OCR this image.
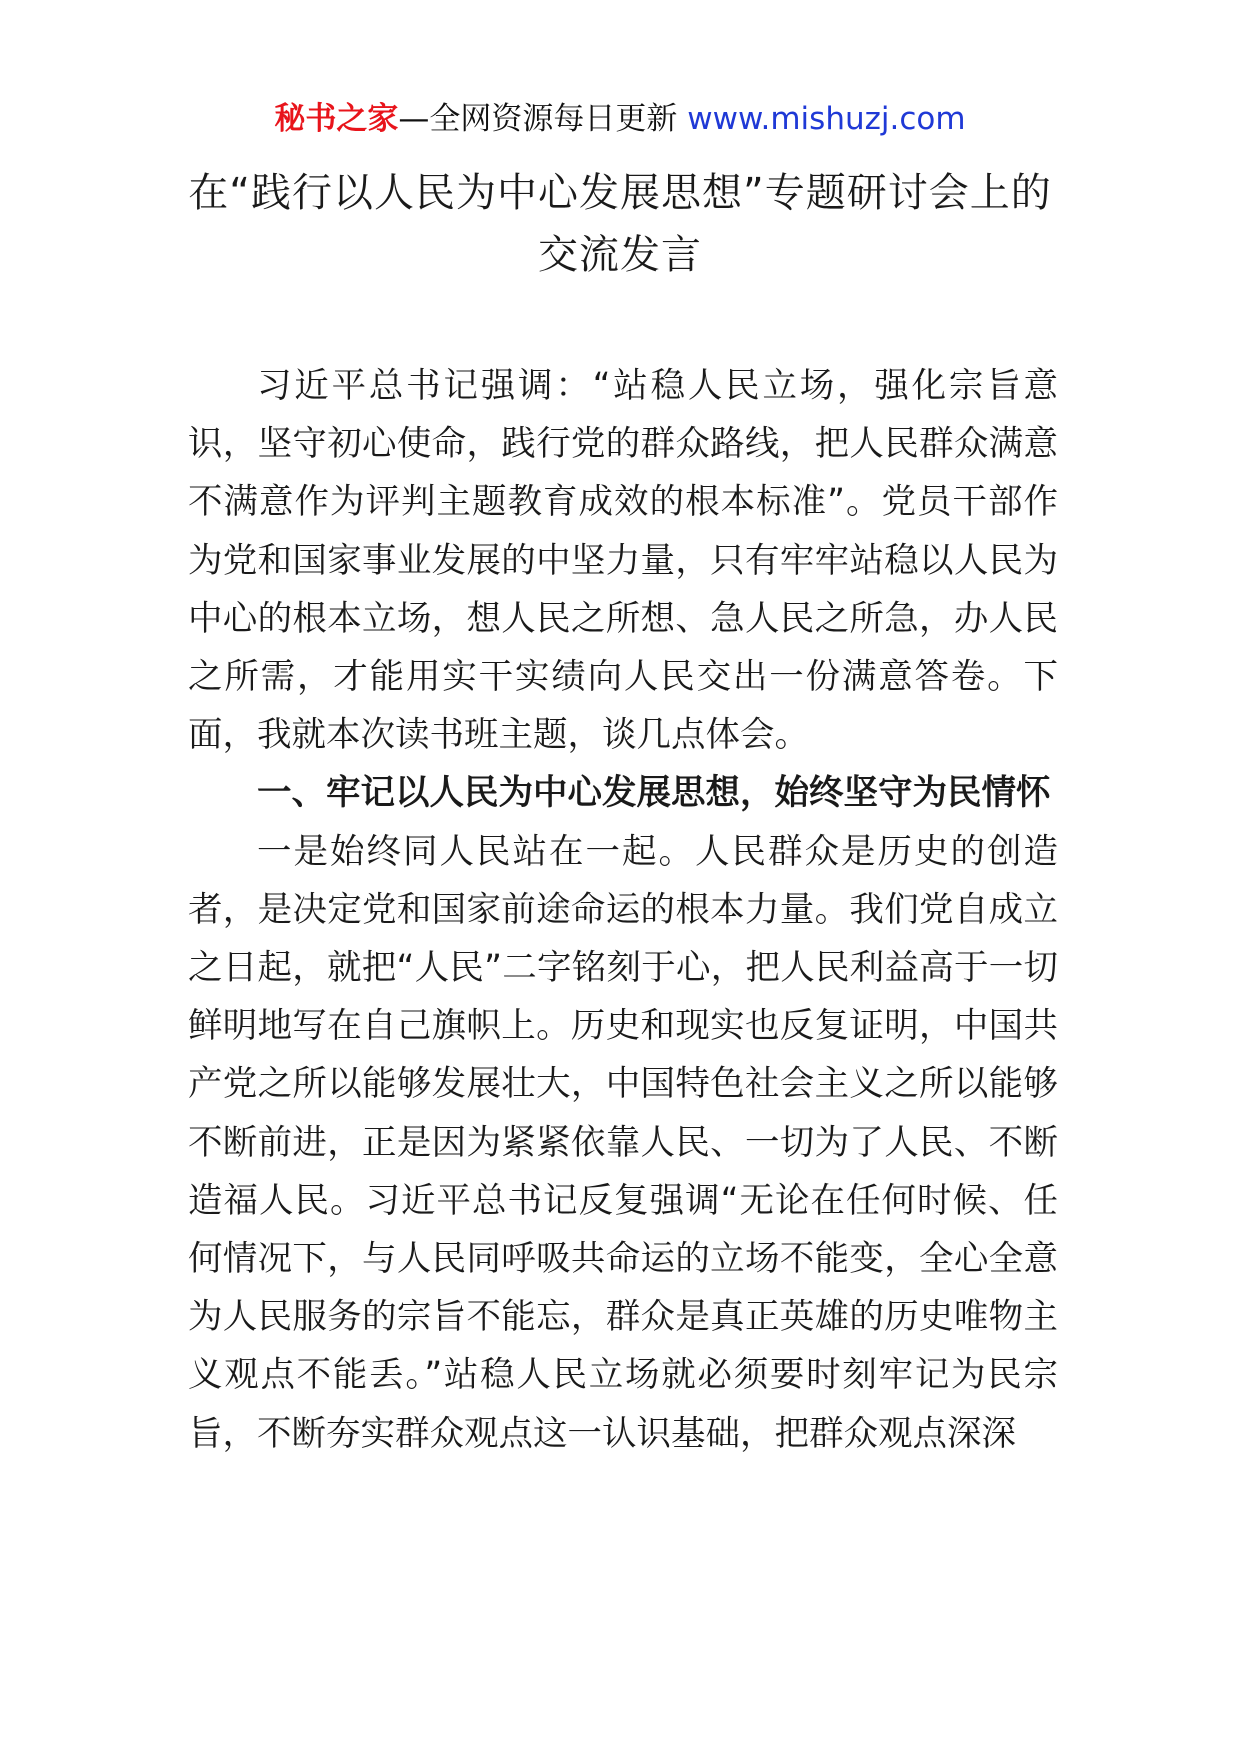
秘书之家—全网资源每日更新 www.mishuzj.com
在“践行以人民为中心发展思想”专题研讨会上的交流发言

习近平总书记强调：“站稳人民立场，强化宗旨意识，坚守初心使命，践行党的群众路线，把人民群众满意不满意作为评判主题教育成效的根本标准”。党员干部作为党和国家事业发展的中坚力量，只有牢牢站稳以人民为中心的根本立场，想人民之所想、急人民之所急，办人民之所需，才能用实干实绩向人民交出一份满意答卷。下面，我就本次读书班主题，谈几点体会。

一、牢记以人民为中心发展思想，始终坚守为民情怀

一是始终同人民站在一起。人民群众是历史的创造者，是决定党和国家前途命运的根本力量。我们党自成立之日起，就把“人民”二字铭刻于心，把人民利益高于一切鲜明地写在自己旗帜上。历史和现实也反复证明，中国共产党之所以能够发展壮大，中国特色社会主义之所以能够不断前进，正是因为紧紧依靠人民、一切为了人民、不断造福人民。习近平总书记反复强调“无论在任何时候、任何情况下，与人民同呼吸共命运的立场不能变，全心全意为人民服务的宗旨不能忘，群众是真正英雄的历史唯物主义观点不能丢。”站稳人民立场就必须要时刻牢记为民宗旨，不断夯实群众观点这一认识基础，把群众观点深深
